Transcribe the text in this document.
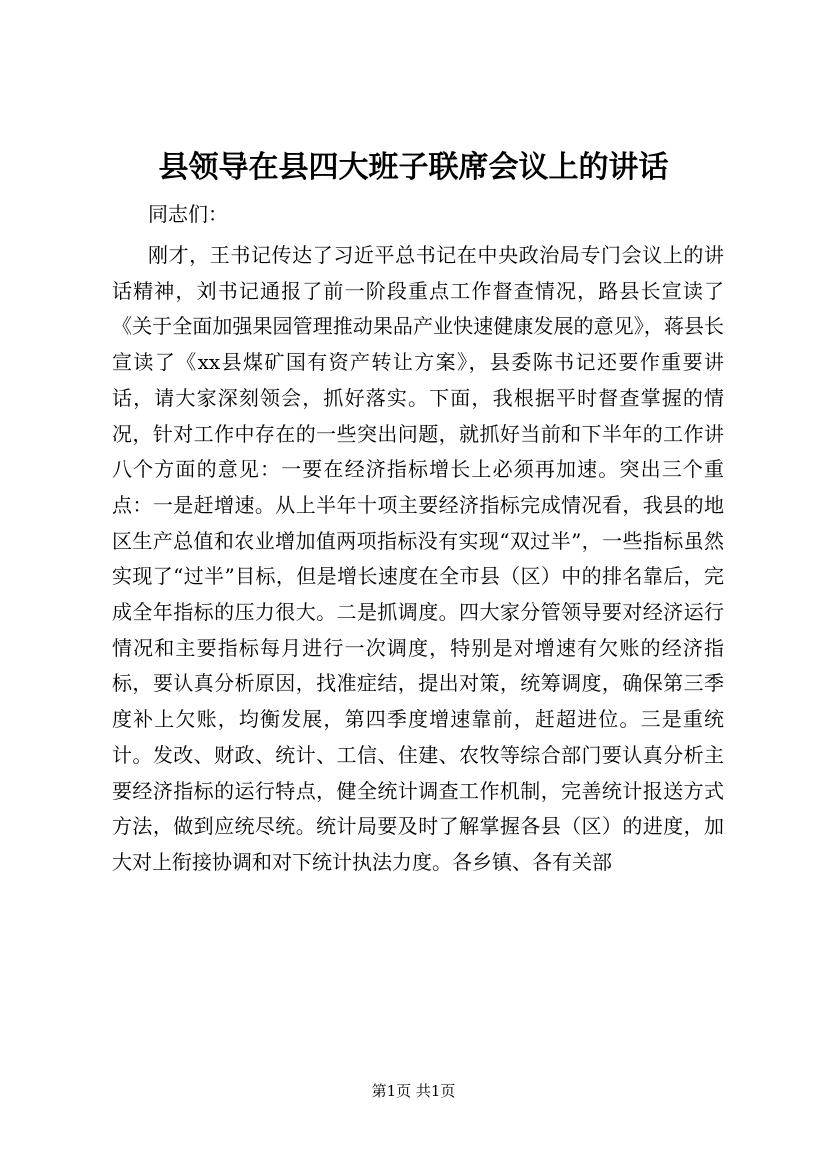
县领导在县四大班子联席会议上的讲话

同志们：

刚才，王书记传达了习近平总书记在中央政治局专门会议上的讲话精神，刘书记通报了前一阶段重点工作督查情况，路县长宣读了《关于全面加强果园管理推动果品产业快速健康发展的意见》，蒋县长宣读了《xx县煤矿国有资产转让方案》，县委陈书记还要作重要讲话，请大家深刻领会，抓好落实。下面，我根据平时督查掌握的情况，针对工作中存在的一些突出问题，就抓好当前和下半年的工作讲八个方面的意见：一要在经济指标增长上必须再加速。突出三个重点：一是赶增速。从上半年十项主要经济指标完成情况看，我县的地区生产总值和农业增加值两项指标没有实现“双过半”，一些指标虽然实现了“过半”目标，但是增长速度在全市县（区）中的排名靠后，完成全年指标的压力很大。二是抓调度。四大家分管领导要对经济运行情况和主要指标每月进行一次调度，特别是对增速有欠账的经济指标，要认真分析原因，找准症结，提出对策，统筹调度，确保第三季度补上欠账，均衡发展，第四季度增速靠前，赶超进位。三是重统计。发改、财政、统计、工信、住建、农牧等综合部门要认真分析主要经济指标的运行特点，健全统计调查工作机制，完善统计报送方式方法，做到应统尽统。统计局要及时了解掌握各县（区）的进度，加大对上衔接协调和对下统计执法力度。各乡镇、各有关部

第1页 共1页
